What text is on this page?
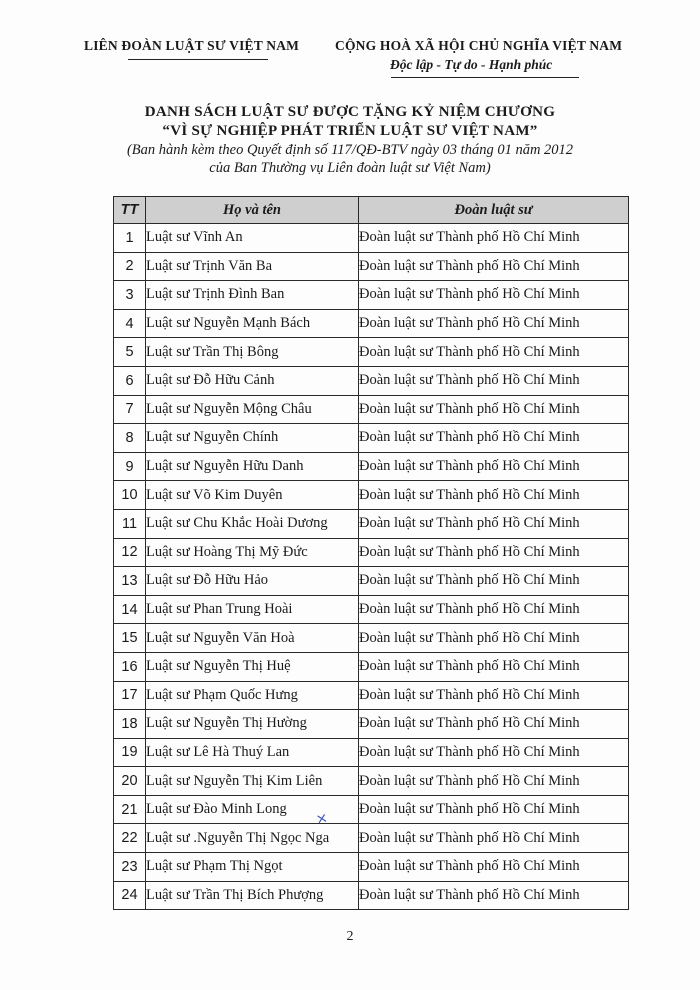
LIÊN ĐOÀN LUẬT SƯ VIỆT NAM	CỘNG HOÀ XÃ HỘI CHỦ NGHĨA VIỆT NAM
Độc lập - Tự do - Hạnh phúc
DANH SÁCH LUẬT SƯ ĐƯỢC TẶNG KỶ NIỆM CHƯƠNG
“VÌ SỰ NGHIỆP PHÁT TRIỂN LUẬT SƯ VIỆT NAM”
(Ban hành kèm theo Quyết định số 117/QĐ-BTV ngày 03 tháng 01 năm 2012
của Ban Thường vụ Liên đoàn luật sư Việt Nam)
TT	Họ và tên	Đoàn luật sư
1	Luật sư Vĩnh An	Đoàn luật sư Thành phố Hồ Chí Minh
2	Luật sư Trịnh Văn Ba	Đoàn luật sư Thành phố Hồ Chí Minh
3	Luật sư Trịnh Đình Ban	Đoàn luật sư Thành phố Hồ Chí Minh
4	Luật sư Nguyễn Mạnh Bách	Đoàn luật sư Thành phố Hồ Chí Minh
5	Luật sư Trần Thị Bông	Đoàn luật sư Thành phố Hồ Chí Minh
6	Luật sư Đỗ Hữu Cảnh	Đoàn luật sư Thành phố Hồ Chí Minh
7	Luật sư Nguyễn Mộng Châu	Đoàn luật sư Thành phố Hồ Chí Minh
8	Luật sư Nguyễn Chính	Đoàn luật sư Thành phố Hồ Chí Minh
9	Luật sư Nguyễn Hữu Danh	Đoàn luật sư Thành phố Hồ Chí Minh
10	Luật sư Võ Kim Duyên	Đoàn luật sư Thành phố Hồ Chí Minh
11	Luật sư Chu Khắc Hoài Dương	Đoàn luật sư Thành phố Hồ Chí Minh
12	Luật sư Hoàng Thị Mỹ Đức	Đoàn luật sư Thành phố Hồ Chí Minh
13	Luật sư Đỗ Hữu Hảo	Đoàn luật sư Thành phố Hồ Chí Minh
14	Luật sư Phan Trung Hoài	Đoàn luật sư Thành phố Hồ Chí Minh
15	Luật sư Nguyễn Văn Hoà	Đoàn luật sư Thành phố Hồ Chí Minh
16	Luật sư Nguyễn Thị Huệ	Đoàn luật sư Thành phố Hồ Chí Minh
17	Luật sư Phạm Quốc Hưng	Đoàn luật sư Thành phố Hồ Chí Minh
18	Luật sư Nguyễn Thị Hường	Đoàn luật sư Thành phố Hồ Chí Minh
19	Luật sư Lê Hà Thuý Lan	Đoàn luật sư Thành phố Hồ Chí Minh
20	Luật sư Nguyễn Thị Kim Liên	Đoàn luật sư Thành phố Hồ Chí Minh
21	Luật sư Đào Minh Long	Đoàn luật sư Thành phố Hồ Chí Minh
22	Luật sư .Nguyễn Thị Ngọc Nga	Đoàn luật sư Thành phố Hồ Chí Minh
23	Luật sư Phạm Thị Ngọt	Đoàn luật sư Thành phố Hồ Chí Minh
24	Luật sư Trần Thị Bích Phượng	Đoàn luật sư Thành phố Hồ Chí Minh
×
2
